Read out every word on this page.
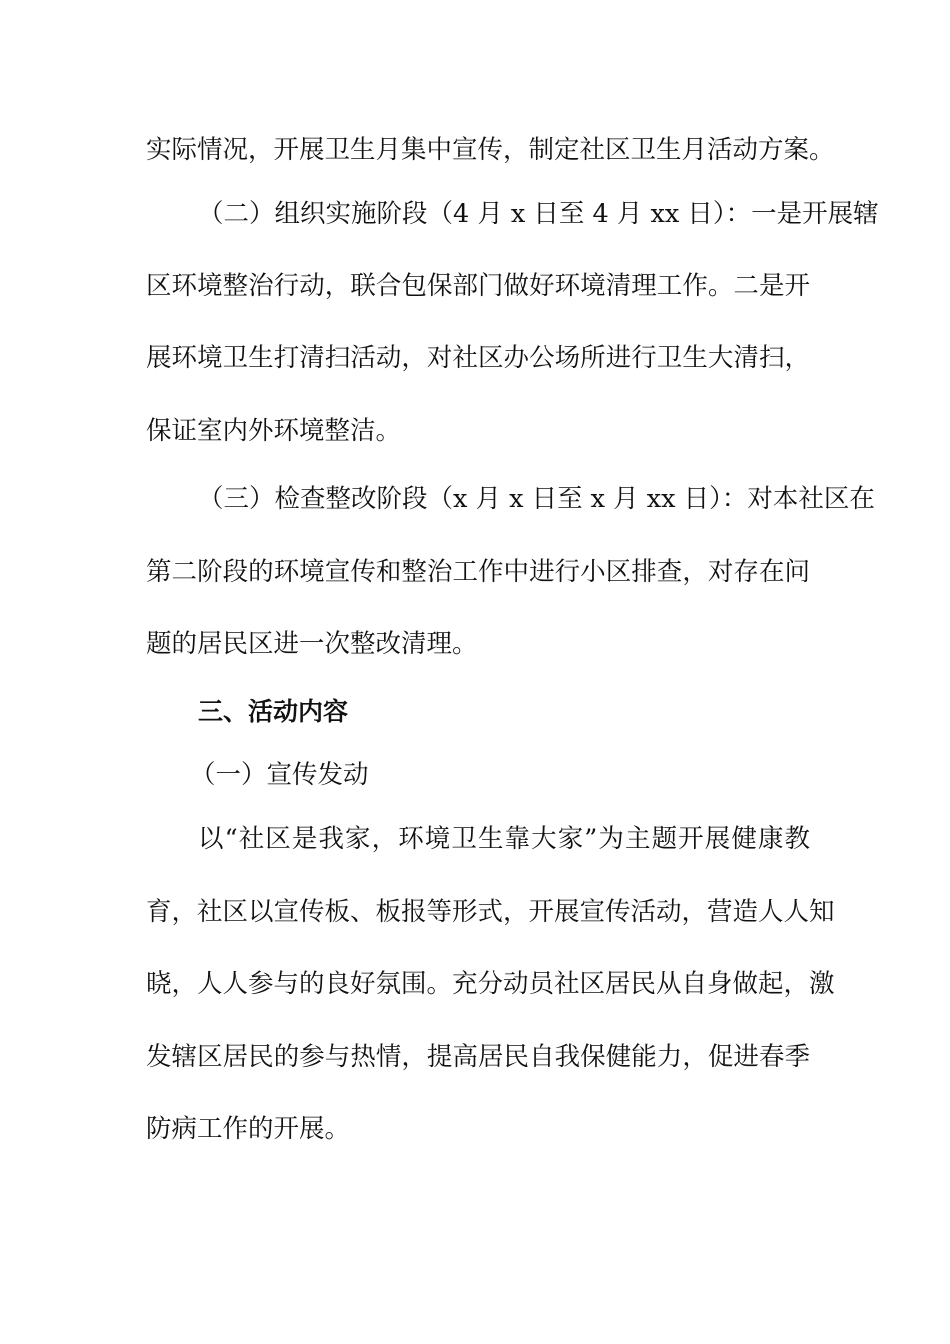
实际情况，开展卫生月集中宣传，制定社区卫生月活动方案。
（二）组织实施阶段（4 月 x 日至 4 月 xx 日）：一是开展辖
区环境整治行动，联合包保部门做好环境清理工作。二是开
展环境卫生打清扫活动，对社区办公场所进行卫生大清扫，
保证室内外环境整洁。
（三）检查整改阶段（x 月 x 日至 x 月 xx 日）：对本社区在
第二阶段的环境宣传和整治工作中进行小区排查，对存在问
题的居民区进一次整改清理。
三、活动内容
（一）宣传发动
以“社区是我家，环境卫生靠大家”为主题开展健康教
育，社区以宣传板、板报等形式，开展宣传活动，营造人人知
晓，人人参与的良好氛围。充分动员社区居民从自身做起，激
发辖区居民的参与热情，提高居民自我保健能力，促进春季
防病工作的开展。
